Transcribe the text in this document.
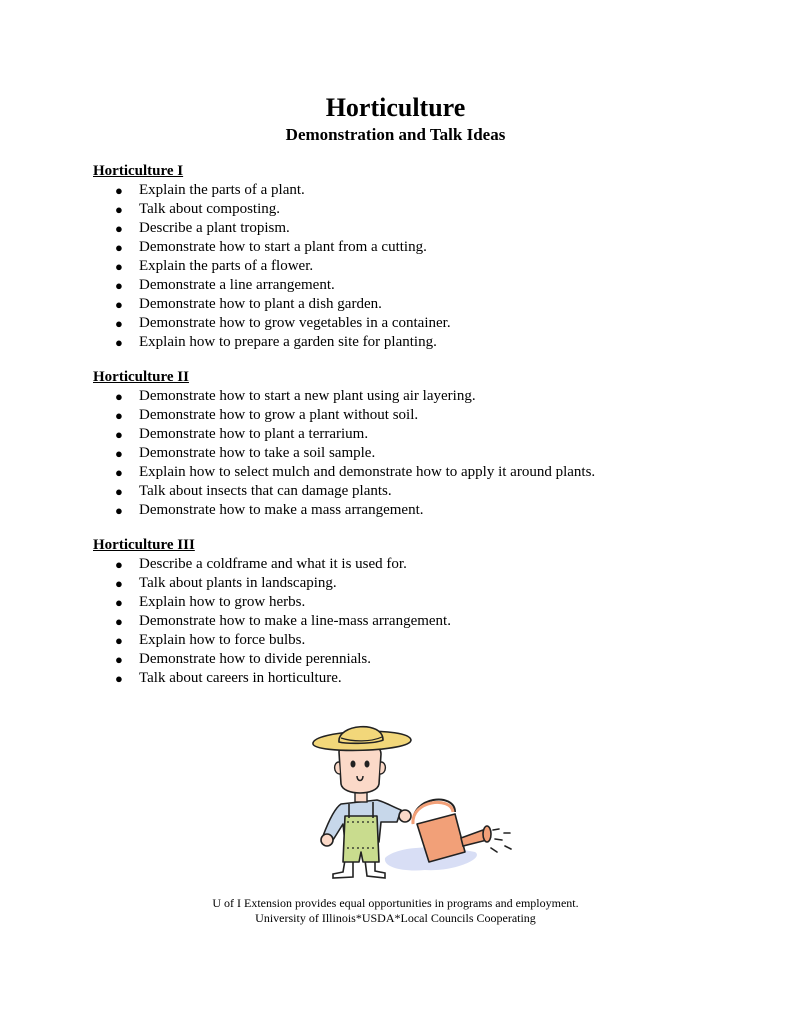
Horticulture
Demonstration and Talk Ideas
Horticulture I
● Explain the parts of a plant.
● Talk about composting.
● Describe a plant tropism.
● Demonstrate how to start a plant from a cutting.
● Explain the parts of a flower.
● Demonstrate a line arrangement.
● Demonstrate how to plant a dish garden.
● Demonstrate how to grow vegetables in a container.
● Explain how to prepare a garden site for planting.
Horticulture II
● Demonstrate how to start a new plant using air layering.
● Demonstrate how to grow a plant without soil.
● Demonstrate how to plant a terrarium.
● Demonstrate how to take a soil sample.
● Explain how to select mulch and demonstrate how to apply it around plants.
● Talk about insects that can damage plants.
● Demonstrate how to make a mass arrangement.
Horticulture III
● Describe a coldframe and what it is used for.
● Talk about plants in landscaping.
● Explain how to grow herbs.
● Demonstrate how to make a line-mass arrangement.
● Explain how to force bulbs.
● Demonstrate how to divide perennials.
● Talk about careers in horticulture.
U of I Extension provides equal opportunities in programs and employment.
University of Illinois*USDA*Local Councils Cooperating
